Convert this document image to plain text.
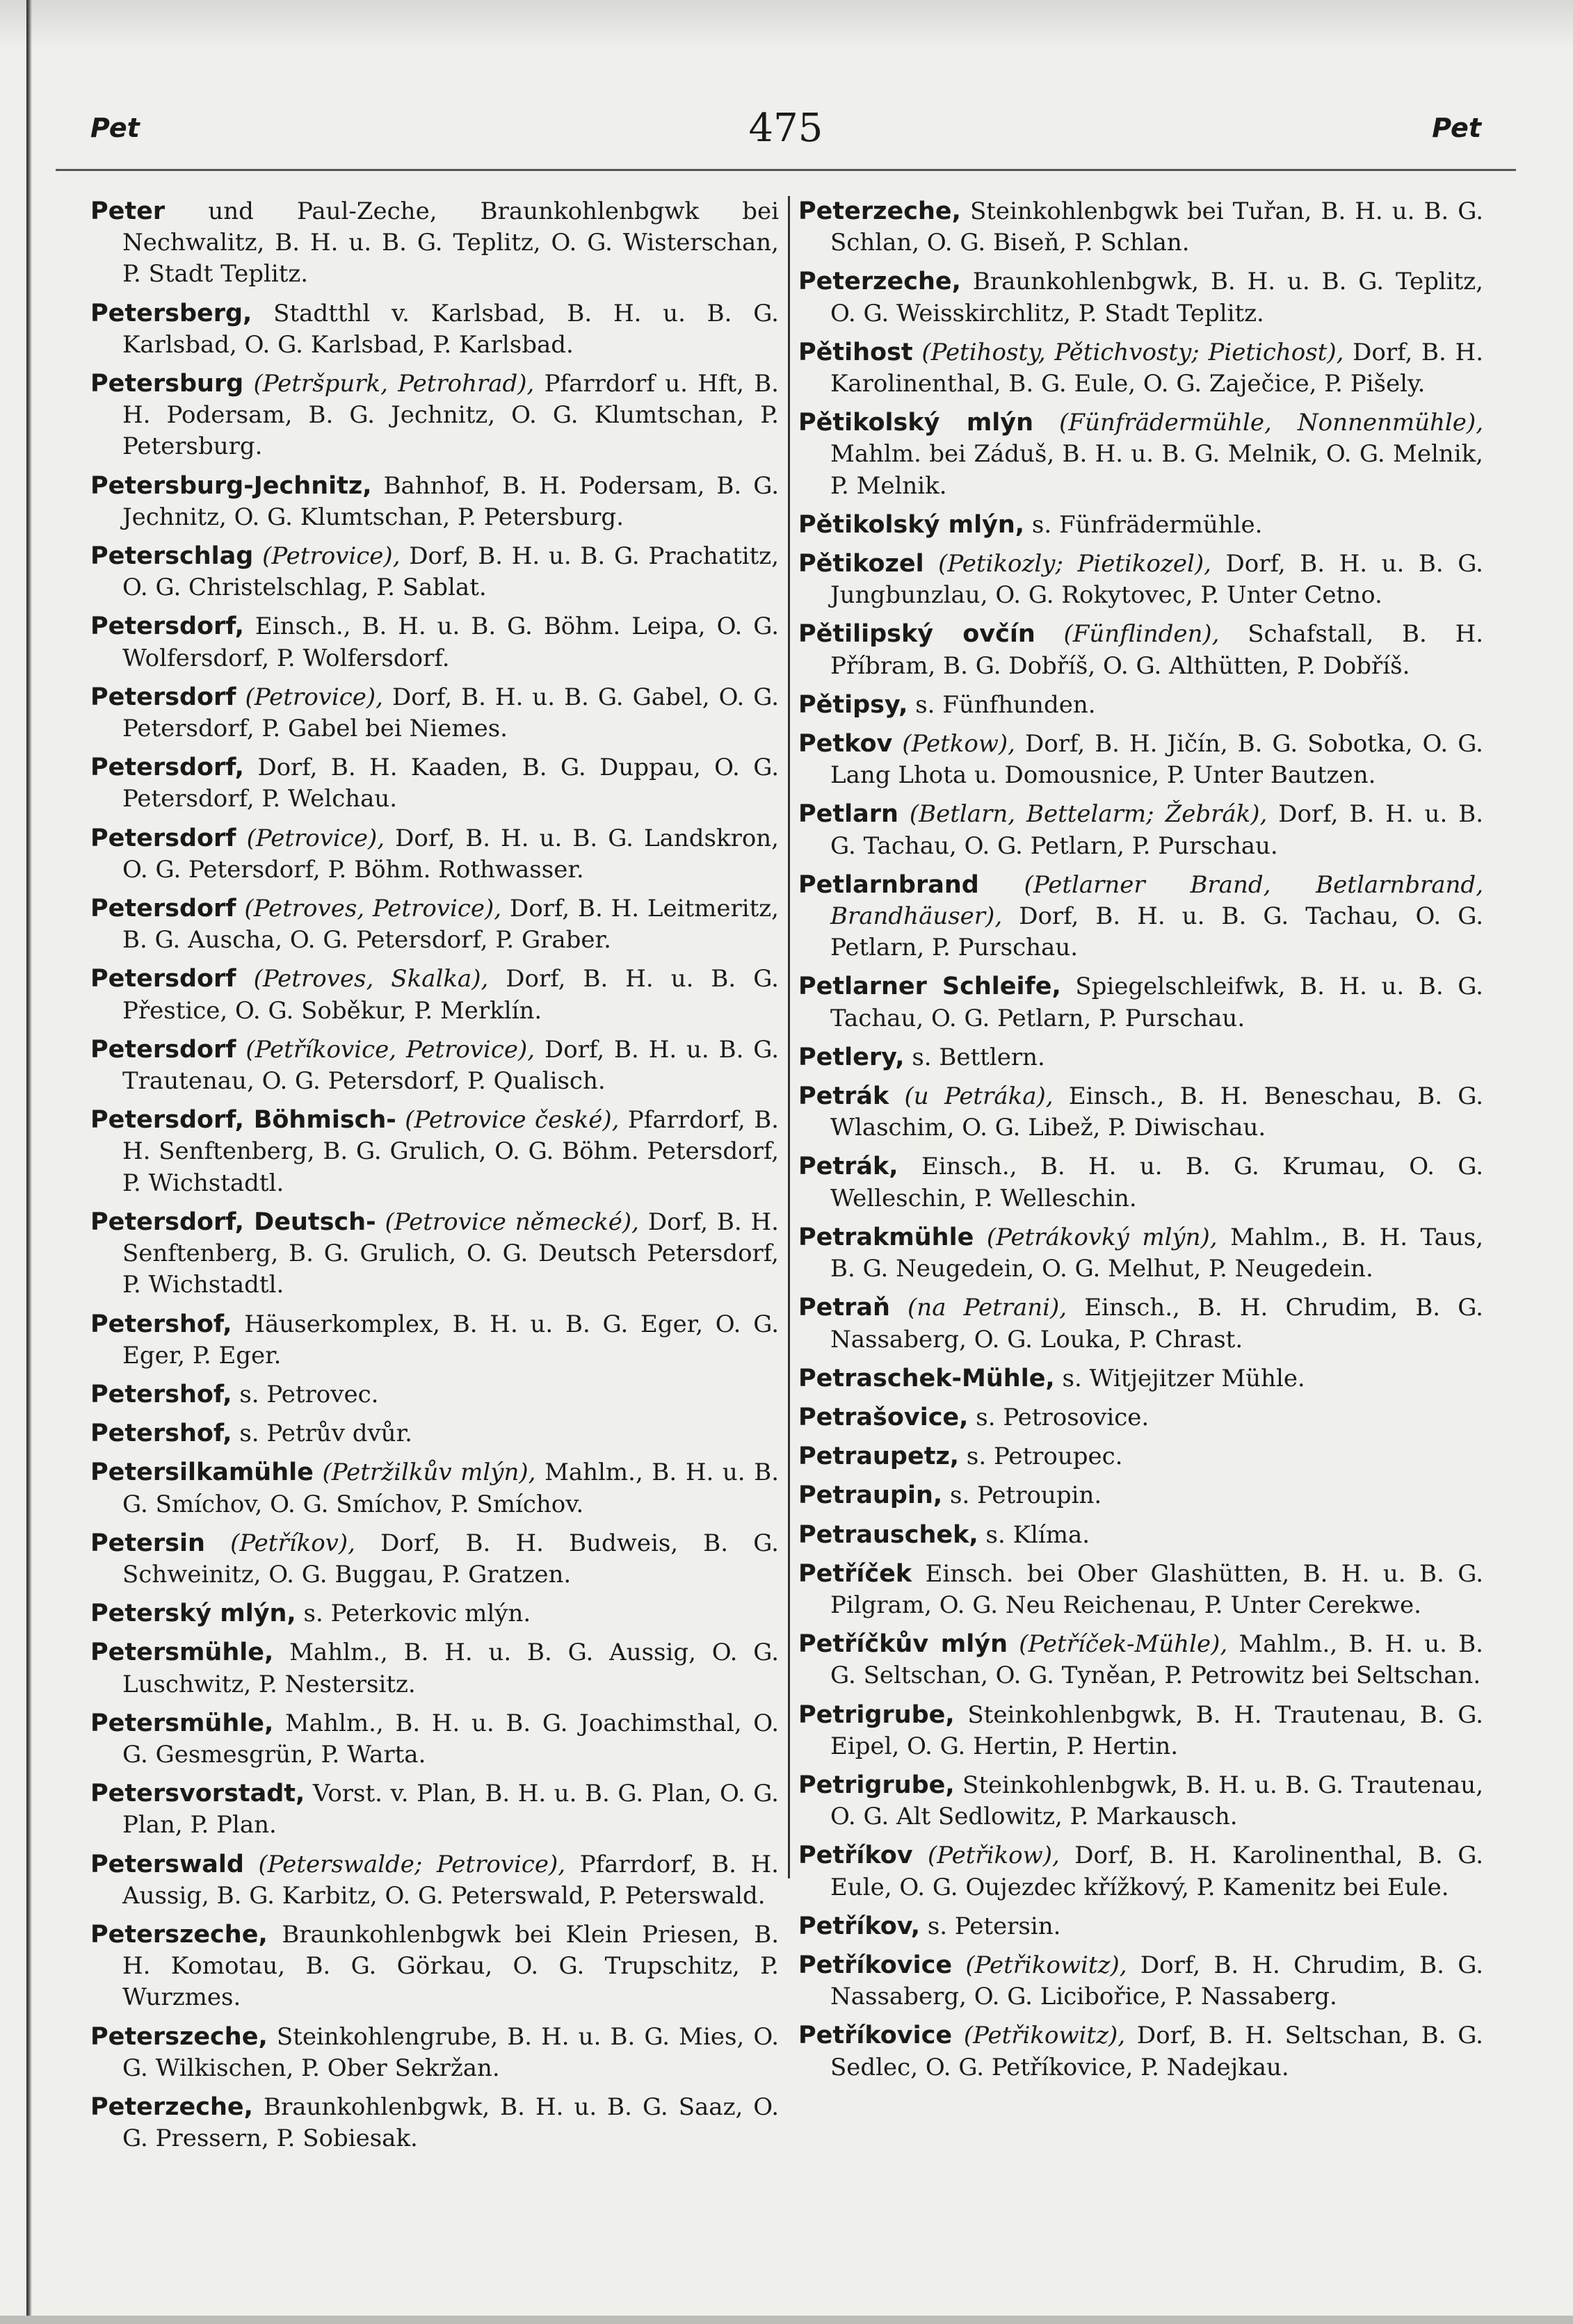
Pet	475	Pet
Peter und Paul-Zeche, Braunkohlenbgwk bei Nechwalitz, B. H. u. B. G. Teplitz, O. G. Wisterschan, P. Stadt Teplitz.
Petersberg, Stadtthl v. Karlsbad, B. H. u. B. G. Karlsbad, O. G. Karlsbad, P. Karlsbad.
Petersburg (Petršpurk, Petrohrad), Pfarrdorf u. Hft, B. H. Podersam, B. G. Jechnitz, O. G. Klumtschan, P. Petersburg.
Petersburg-Jechnitz, Bahnhof, B. H. Podersam, B. G. Jechnitz, O. G. Klumtschan, P. Petersburg.
Peterschlag (Petrovice), Dorf, B. H. u. B. G. Prachatitz, O. G. Christelschlag, P. Sablat.
Petersdorf, Einsch., B. H. u. B. G. Böhm. Leipa, O. G. Wolfersdorf, P. Wolfersdorf.
Petersdorf (Petrovice), Dorf, B. H. u. B. G. Gabel, O. G. Petersdorf, P. Gabel bei Niemes.
Petersdorf, Dorf, B. H. Kaaden, B. G. Duppau, O. G. Petersdorf, P. Welchau.
Petersdorf (Petrovice), Dorf, B. H. u. B. G. Landskron, O. G. Petersdorf, P. Böhm. Rothwasser.
Petersdorf (Petroves, Petrovice), Dorf, B. H. Leitmeritz, B. G. Auscha, O. G. Petersdorf, P. Graber.
Petersdorf (Petroves, Skalka), Dorf, B. H. u. B. G. Přestice, O. G. Soběkur, P. Merklín.
Petersdorf (Petříkovice, Petrovice), Dorf, B. H. u. B. G. Trautenau, O. G. Petersdorf, P. Qualisch.
Petersdorf, Böhmisch- (Petrovice české), Pfarrdorf, B. H. Senftenberg, B. G. Grulich, O. G. Böhm. Petersdorf, P. Wichstadtl.
Petersdorf, Deutsch- (Petrovice německé), Dorf, B. H. Senftenberg, B. G. Grulich, O. G. Deutsch Petersdorf, P. Wichstadtl.
Petershof, Häuserkomplex, B. H. u. B. G. Eger, O. G. Eger, P. Eger.
Petershof, s. Petrovec.
Petershof, s. Petrův dvůr.
Petersilkamühle (Petržilkův mlýn), Mahlm., B. H. u. B. G. Smíchov, O. G. Smíchov, P. Smíchov.
Petersin (Petříkov), Dorf, B. H. Budweis, B. G. Schweinitz, O. G. Buggau, P. Gratzen.
Peterský mlýn, s. Peterkovic mlýn.
Petersmühle, Mahlm., B. H. u. B. G. Aussig, O. G. Luschwitz, P. Nestersitz.
Petersmühle, Mahlm., B. H. u. B. G. Joachimsthal, O. G. Gesmesgrün, P. Warta.
Petersvorstadt, Vorst. v. Plan, B. H. u. B. G. Plan, O. G. Plan, P. Plan.
Peterswald (Peterswalde; Petrovice), Pfarrdorf, B. H. Aussig, B. G. Karbitz, O. G. Peterswald, P. Peterswald.
Peterszeche, Braunkohlenbgwk bei Klein Priesen, B. H. Komotau, B. G. Görkau, O. G. Trupschitz, P. Wurzmes.
Peterszeche, Steinkohlengrube, B. H. u. B. G. Mies, O. G. Wilkischen, P. Ober Sekržan.
Peterzeche, Braunkohlenbgwk, B. H. u. B. G. Saaz, O. G. Pressern, P. Sobiesak.
Peterzeche, Steinkohlenbgwk bei Tuřan, B. H. u. B. G. Schlan, O. G. Biseň, P. Schlan.
Peterzeche, Braunkohlenbgwk, B. H. u. B. G. Teplitz, O. G. Weisskirchlitz, P. Stadt Teplitz.
Pětihost (Petihosty, Pětichvosty; Pietichost), Dorf, B. H. Karolinenthal, B. G. Eule, O. G. Zaječice, P. Pišely.
Pětikolský mlýn (Fünfrädermühle, Nonnenmühle), Mahlm. bei Záduš, B. H. u. B. G. Melnik, O. G. Melnik, P. Melnik.
Pětikolský mlýn, s. Fünfrädermühle.
Pětikozel (Petikozly; Pietikozel), Dorf, B. H. u. B. G. Jungbunzlau, O. G. Rokytovec, P. Unter Cetno.
Pětilipský ovčín (Fünflinden), Schafstall, B. H. Příbram, B. G. Dobříš, O. G. Althütten, P. Dobříš.
Pětipsy, s. Fünfhunden.
Petkov (Petkow), Dorf, B. H. Jičín, B. G. Sobotka, O. G. Lang Lhota u. Domousnice, P. Unter Bautzen.
Petlarn (Betlarn, Bettelarm; Žebrák), Dorf, B. H. u. B. G. Tachau, O. G. Petlarn, P. Purschau.
Petlarnbrand (Petlarner Brand, Betlarnbrand, Brandhäuser), Dorf, B. H. u. B. G. Tachau, O. G. Petlarn, P. Purschau.
Petlarner Schleife, Spiegelschleifwk, B. H. u. B. G. Tachau, O. G. Petlarn, P. Purschau.
Petlery, s. Bettlern.
Petrák (u Petráka), Einsch., B. H. Beneschau, B. G. Wlaschim, O. G. Libež, P. Diwischau.
Petrák, Einsch., B. H. u. B. G. Krumau, O. G. Welleschin, P. Welleschin.
Petrakmühle (Petrákovký mlýn), Mahlm., B. H. Taus, B. G. Neugedein, O. G. Melhut, P. Neugedein.
Petraň (na Petrani), Einsch., B. H. Chrudim, B. G. Nassaberg, O. G. Louka, P. Chrast.
Petraschek-Mühle, s. Witjejitzer Mühle.
Petrašovice, s. Petrosovice.
Petraupetz, s. Petroupec.
Petraupin, s. Petroupin.
Petrauschek, s. Klíma.
Petříček Einsch. bei Ober Glashütten, B. H. u. B. G. Pilgram, O. G. Neu Reichenau, P. Unter Cerekwe.
Petříčkův mlýn (Petříček-Mühle), Mahlm., B. H. u. B. G. Seltschan, O. G. Tyněan, P. Petrowitz bei Seltschan.
Petrigrube, Steinkohlenbgwk, B. H. Trautenau, B. G. Eipel, O. G. Hertin, P. Hertin.
Petrigrube, Steinkohlenbgwk, B. H. u. B. G. Trautenau, O. G. Alt Sedlowitz, P. Markausch.
Petříkov (Petřikow), Dorf, B. H. Karolinenthal, B. G. Eule, O. G. Oujezdec křížkový, P. Kamenitz bei Eule.
Petříkov, s. Petersin.
Petříkovice (Petřikowitz), Dorf, B. H. Chrudim, B. G. Nassaberg, O. G. Licibořice, P. Nassaberg.
Petříkovice (Petřikowitz), Dorf, B. H. Seltschan, B. G. Sedlec, O. G. Petříkovice, P. Nadejkau.
